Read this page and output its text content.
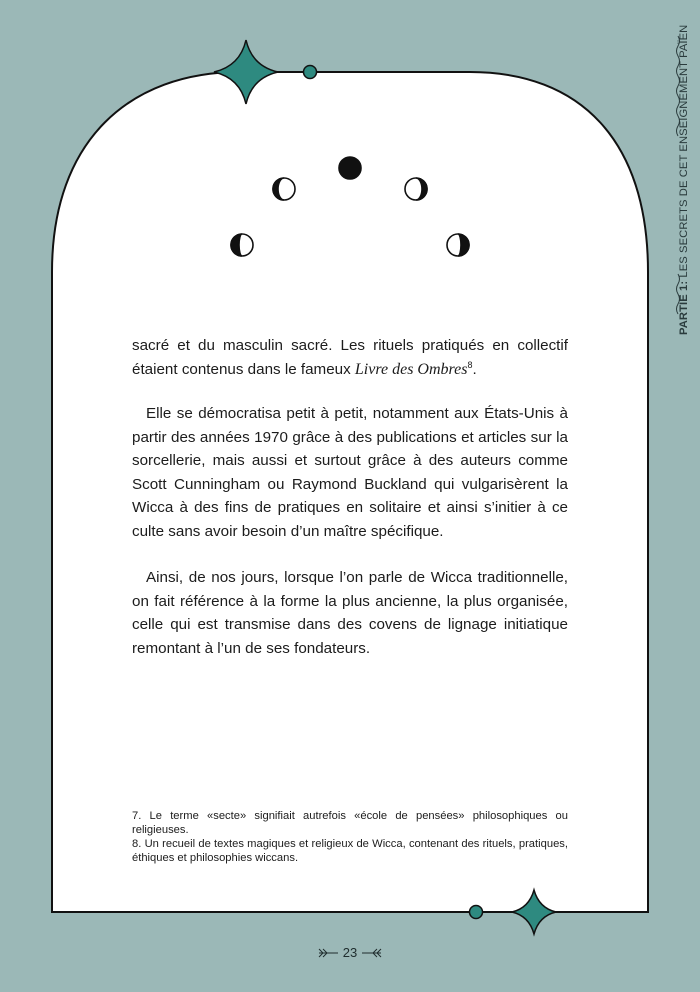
PARTIE 1: LES SECRETS DE CET ENSEIGNEMENT PAÏEN

sacré et du masculin sacré. Les rituels pratiqués en collectif étaient contenus dans le fameux Livre des Ombres$^8$.

Elle se démocratisa petit à petit, notamment aux États-Unis à partir des années 1970 grâce à des publications et articles sur la sorcellerie, mais aussi et surtout grâce à des auteurs comme Scott Cunningham ou Raymond Buckland qui vulgarisèrent la Wicca à des fins de pratiques en solitaire et ainsi s’initier à ce culte sans avoir besoin d’un maître spécifique.

Ainsi, de nos jours, lorsque l’on parle de Wicca traditionnelle, on fait référence à la forme la plus ancienne, la plus organisée, celle qui est transmise dans des covens de lignage initiatique remontant à l’un de ses fondateurs.

7. Le terme «secte» signifiait autrefois «école de pensées» philosophiques ou religieuses.

8. Un recueil de textes magiques et religieux de Wicca, contenant des rituels, pratiques, éthiques et philosophies wiccans.

23
